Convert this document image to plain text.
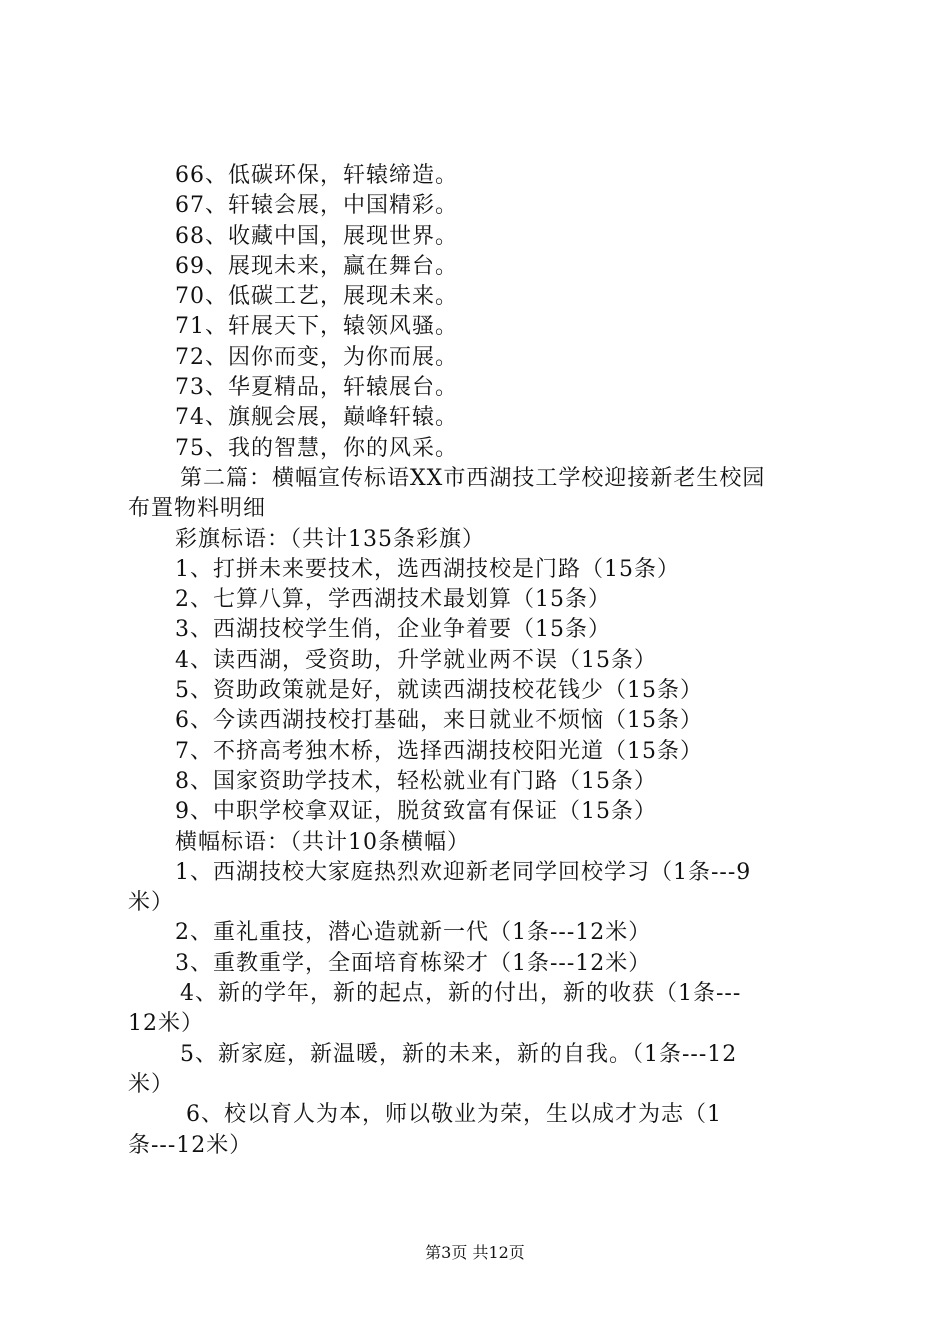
66、低碳环保，轩辕缔造。
67、轩辕会展，中国精彩。
68、收藏中国，展现世界。
69、展现未来，赢在舞台。
70、低碳工艺，展现未来。
71、轩展天下，辕领风骚。
72、因你而变，为你而展。
73、华夏精品，轩辕展台。
74、旗舰会展，巅峰轩辕。
75、我的智慧，你的风采。
第二篇：横幅宣传标语XX市西湖技工学校迎接新老生校园
布置物料明细
彩旗标语：（共计135条彩旗）
1、打拼未来要技术，选西湖技校是门路（15条）
2、七算八算，学西湖技术最划算（15条）
3、西湖技校学生俏，企业争着要（15条）
4、读西湖，受资助，升学就业两不误（15条）
5、资助政策就是好，就读西湖技校花钱少（15条）
6、今读西湖技校打基础，来日就业不烦恼（15条）
7、不挤高考独木桥，选择西湖技校阳光道（15条）
8、国家资助学技术，轻松就业有门路（15条）
9、中职学校拿双证，脱贫致富有保证（15条）
横幅标语：（共计10条横幅）
1、西湖技校大家庭热烈欢迎新老同学回校学习（1条---9
米）
2、重礼重技，潜心造就新一代（1条---12米）
3、重教重学，全面培育栋梁才（1条---12米）
4、新的学年，新的起点，新的付出，新的收获（1条---
12米）
5、新家庭，新温暖，新的未来，新的自我。（1条---12
米）
6、校以育人为本，师以敬业为荣，生以成才为志（1
条---12米）
第3页 共12页
